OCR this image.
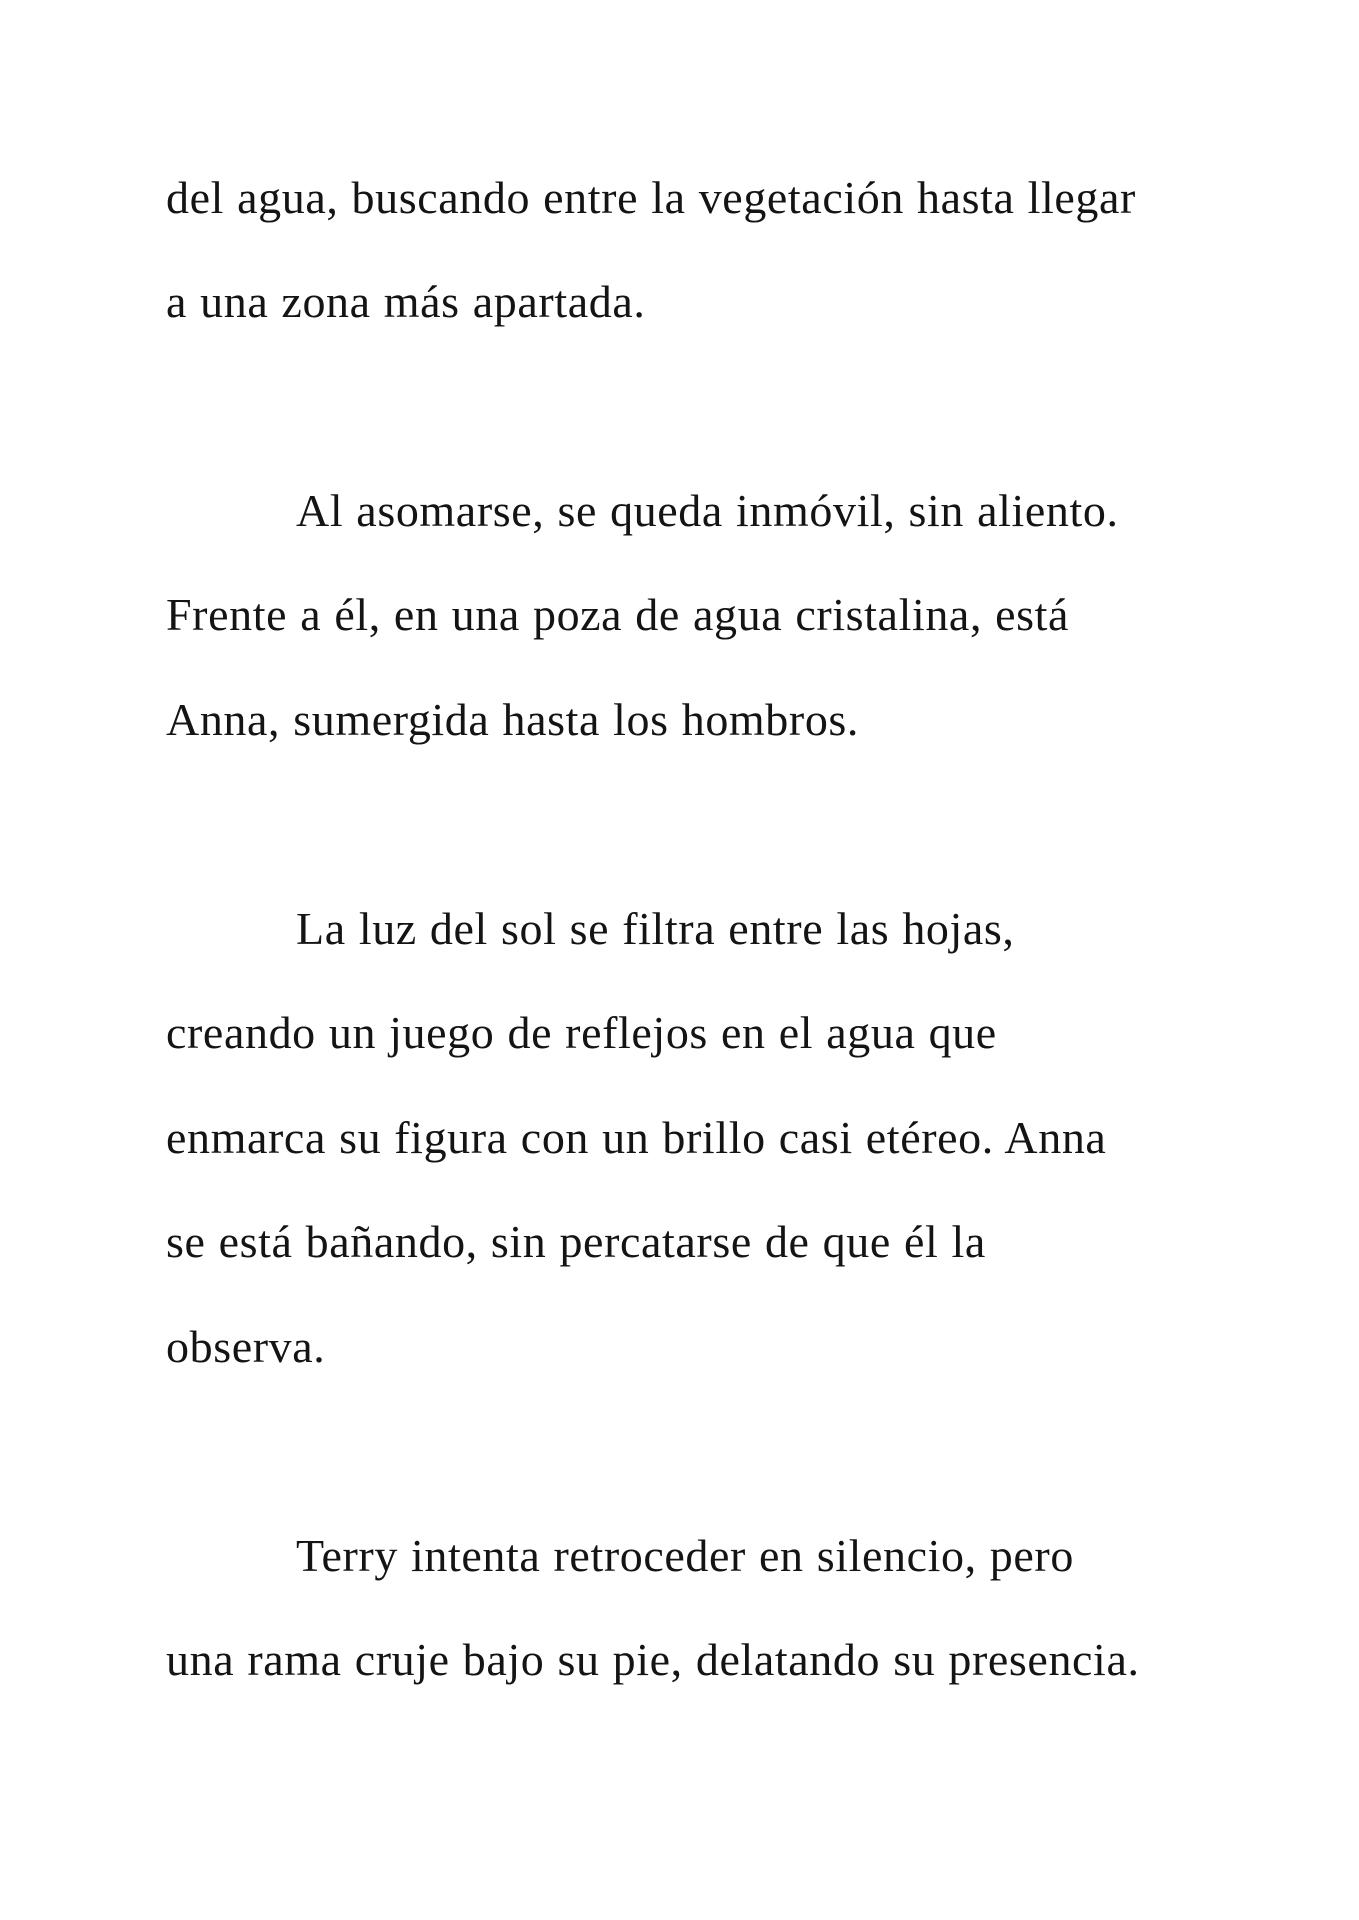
del agua, buscando entre la vegetación hasta llegar
a una zona más apartada.
Al asomarse, se queda inmóvil, sin aliento.
Frente a él, en una poza de agua cristalina, está
Anna, sumergida hasta los hombros.
La luz del sol se filtra entre las hojas,
creando un juego de reflejos en el agua que
enmarca su figura con un brillo casi etéreo. Anna
se está bañando, sin percatarse de que él la
observa.
Terry intenta retroceder en silencio, pero
una rama cruje bajo su pie, delatando su presencia.
